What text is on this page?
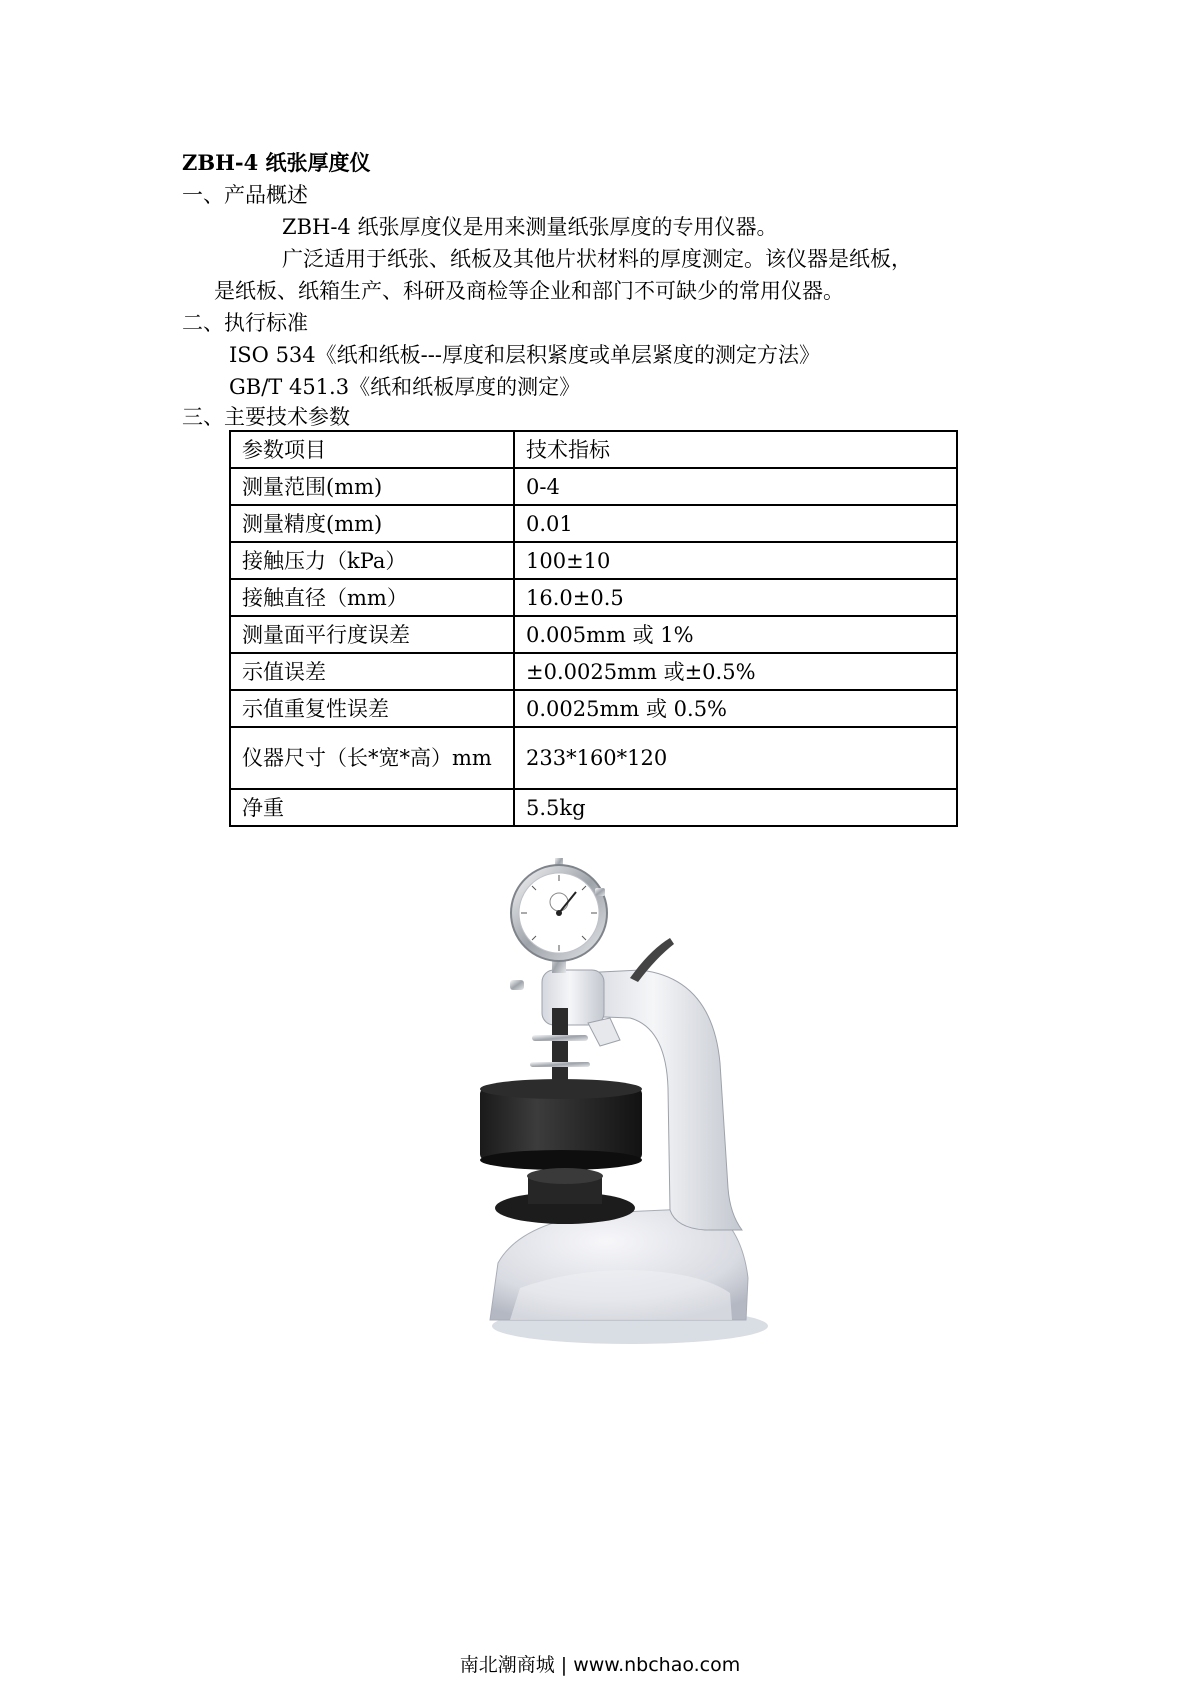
ZBH-4 纸张厚度仪
一、产品概述
ZBH-4 纸张厚度仪是用来测量纸张厚度的专用仪器。
广泛适用于纸张、纸板及其他片状材料的厚度测定。该仪器是纸板，
是纸板、纸箱生产、科研及商检等企业和部门不可缺少的常用仪器。
二、执行标准
ISO 534《纸和纸板---厚度和层积紧度或单层紧度的测定方法》
GB/T 451.3《纸和纸板厚度的测定》
三、主要技术参数
参数项目	技术指标
测量范围(mm)	0-4
测量精度(mm)	0.01
接触压力（kPa）	100±10
接触直径（mm）	16.0±0.5
测量面平行度误差	0.005mm 或 1%
示值误差	±0.0025mm 或±0.5%
示值重复性误差	0.0025mm 或 0.5%
仪器尺寸（长*宽*高）mm	233*160*120
净重	5.5kg
南北潮商城 | www.nbchao.com
